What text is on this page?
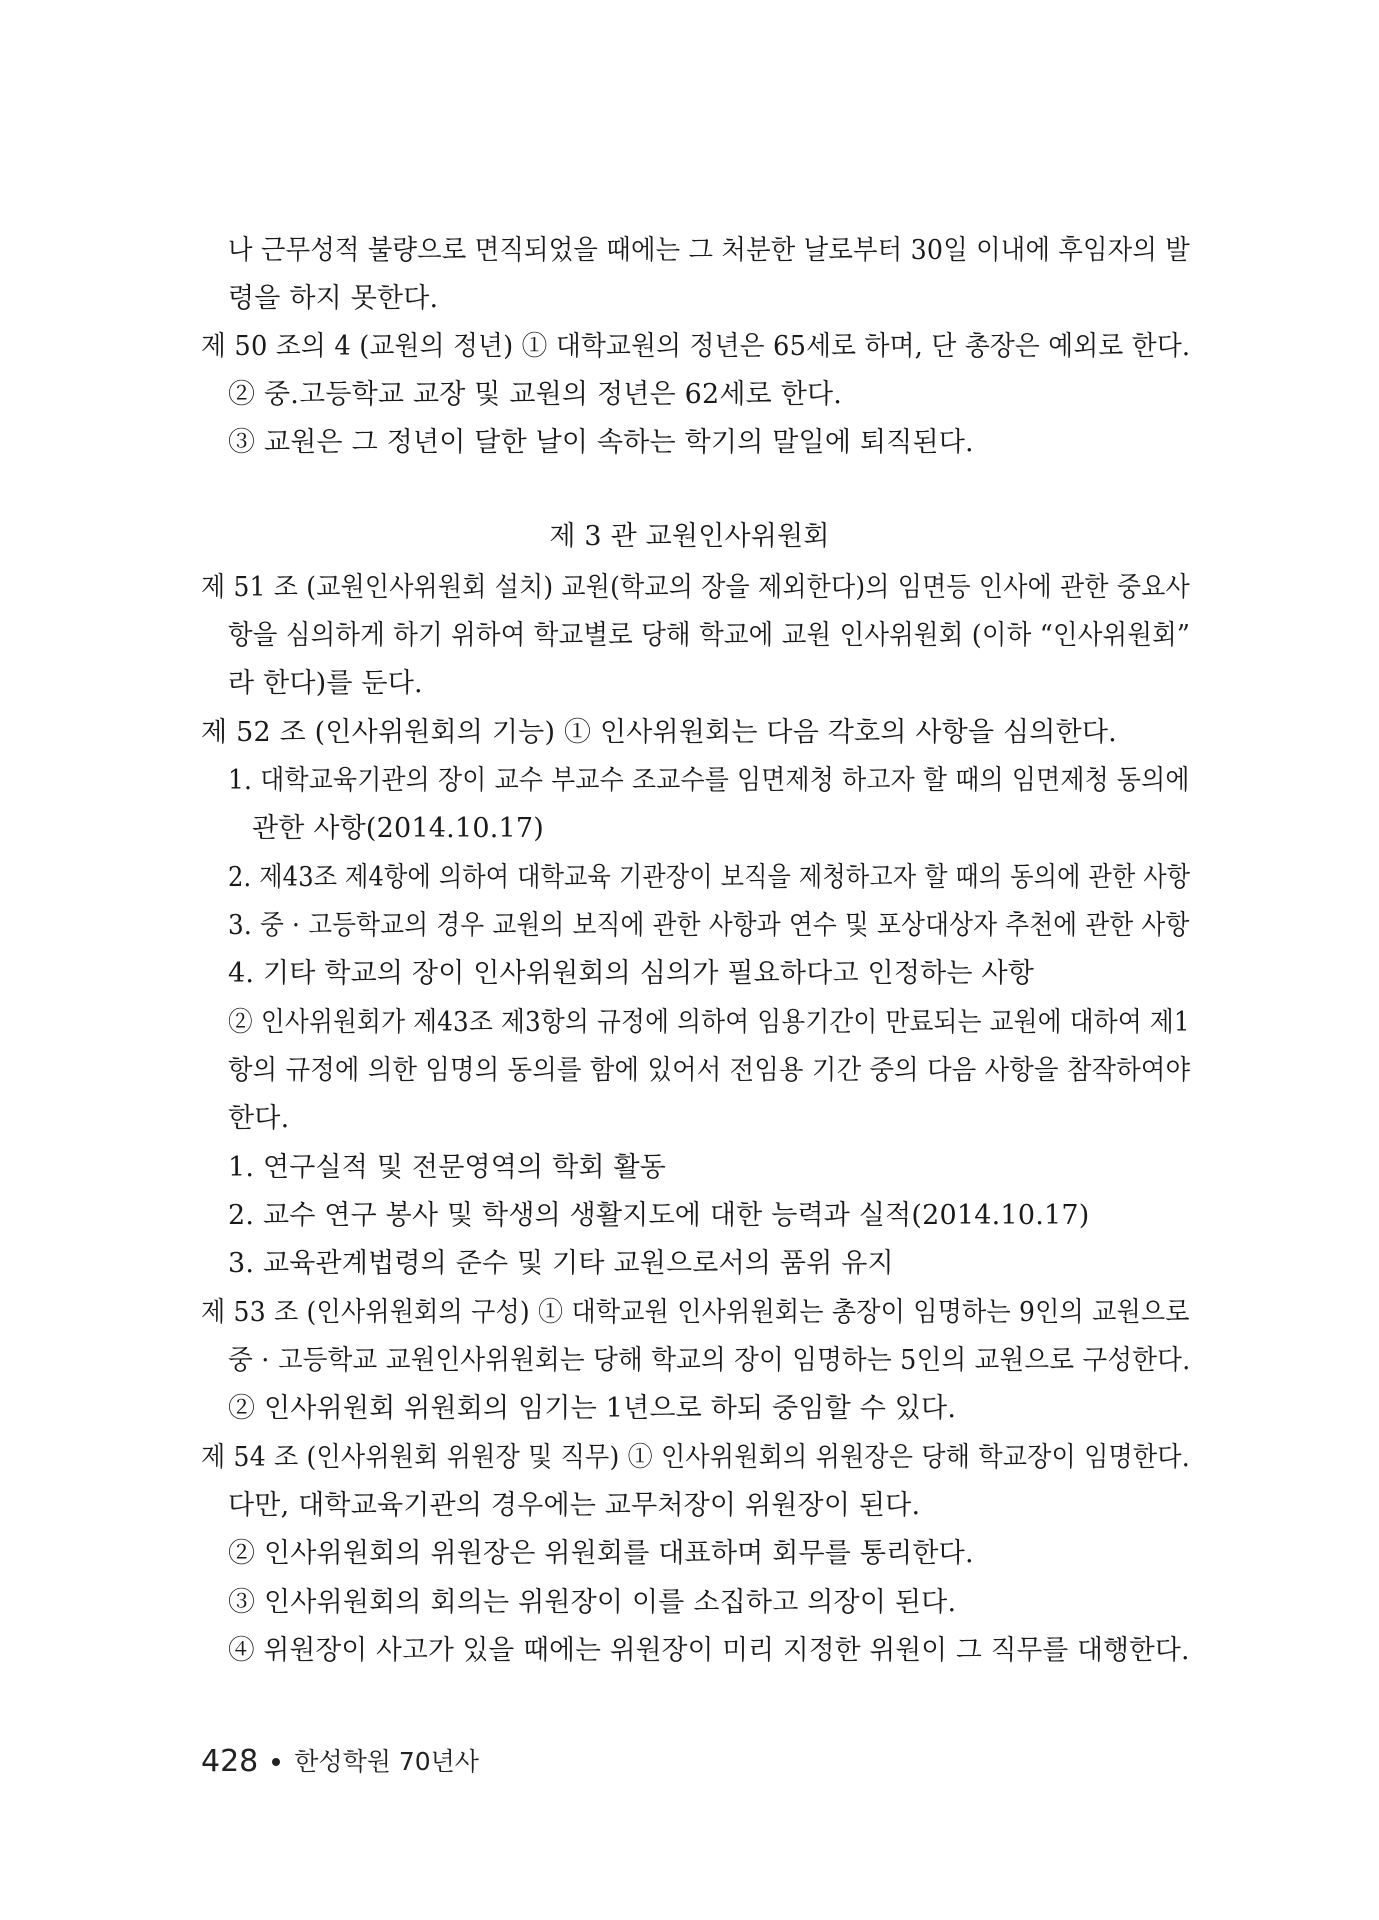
나 근무성적 불량으로 면직되었을 때에는 그 처분한 날로부터 30일 이내에 후임자의 발
령을 하지 못한다.
제 50 조의 4 (교원의 정년) ① 대학교원의 정년은 65세로 하며, 단 총장은 예외로 한다.
② 중.고등학교 교장 및 교원의 정년은 62세로 한다.
③ 교원은 그 정년이 달한 날이 속하는 학기의 말일에 퇴직된다.
제 3 관 교원인사위원회
제 51 조 (교원인사위원회 설치) 교원(학교의 장을 제외한다)의 임면등 인사에 관한 중요사
항을 심의하게 하기 위하여 학교별로 당해 학교에 교원 인사위원회 (이하 “인사위원회”
라 한다)를 둔다.
제 52 조 (인사위원회의 기능) ① 인사위원회는 다음 각호의 사항을 심의한다.
1. 대학교육기관의 장이 교수 부교수 조교수를 임면제청 하고자 할 때의 임면제청 동의에
관한 사항(2014.10.17)
2. 제43조 제4항에 의하여 대학교육 기관장이 보직을 제청하고자 할 때의 동의에 관한 사항
3. 중 · 고등학교의 경우 교원의 보직에 관한 사항과 연수 및 포상대상자 추천에 관한 사항
4. 기타 학교의 장이 인사위원회의 심의가 필요하다고 인정하는 사항
② 인사위원회가 제43조 제3항의 규정에 의하여 임용기간이 만료되는 교원에 대하여 제1
항의 규정에 의한 임명의 동의를 함에 있어서 전임용 기간 중의 다음 사항을 참작하여야
한다.
1. 연구실적 및 전문영역의 학회 활동
2. 교수 연구 봉사 및 학생의 생활지도에 대한 능력과 실적(2014.10.17)
3. 교육관계법령의 준수 및 기타 교원으로서의 품위 유지
제 53 조 (인사위원회의 구성) ① 대학교원 인사위원회는 총장이 임명하는 9인의 교원으로
중 · 고등학교 교원인사위원회는 당해 학교의 장이 임명하는 5인의 교원으로 구성한다.
② 인사위원회 위원회의 임기는 1년으로 하되 중임할 수 있다.
제 54 조 (인사위원회 위원장 및 직무) ① 인사위원회의 위원장은 당해 학교장이 임명한다.
다만, 대학교육기관의 경우에는 교무처장이 위원장이 된다.
② 인사위원회의 위원장은 위원회를 대표하며 회무를 통리한다.
③ 인사위원회의 회의는 위원장이 이를 소집하고 의장이 된다.
④ 위원장이 사고가 있을 때에는 위원장이 미리 지정한 위원이 그 직무를 대행한다.
428 한성학원 70년사
